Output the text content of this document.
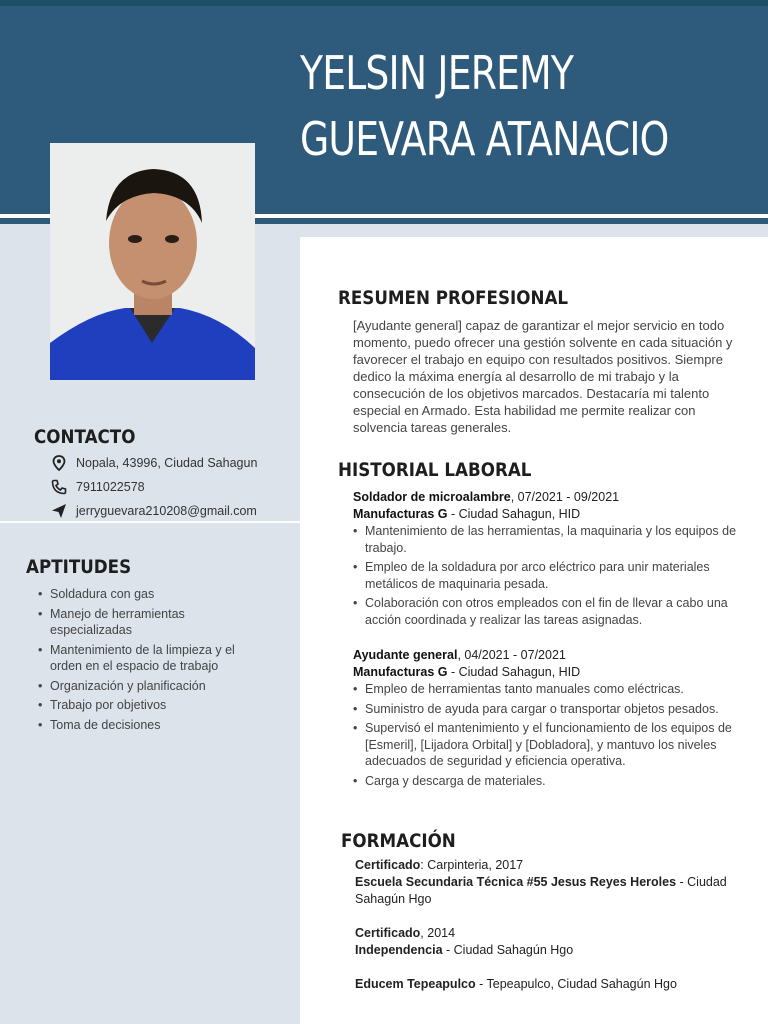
YELSIN JEREMY
GUEVARA ATANACIO
RESUMEN PROFESIONAL
[Ayudante general] capaz de garantizar el mejor servicio en todo momento, puedo ofrecer una gestión solvente en cada situación y favorecer el trabajo en equipo con resultados positivos. Siempre dedico la máxima energía al desarrollo de mi trabajo y la consecución de los objetivos marcados. Destacaría mi talento especial en Armado. Esta habilidad me permite realizar con solvencia tareas generales.
HISTORIAL LABORAL
Soldador de microalambre, 07/2021 - 09/2021
Manufacturas G - Ciudad Sahagun, HID
• Mantenimiento de las herramientas, la maquinaria y los equipos de trabajo.
• Empleo de la soldadura por arco eléctrico para unir materiales metálicos de maquinaria pesada.
• Colaboración con otros empleados con el fin de llevar a cabo una acción coordinada y realizar las tareas asignadas.
Ayudante general, 04/2021 - 07/2021
Manufacturas G - Ciudad Sahagun, HID
• Empleo de herramientas tanto manuales como eléctricas.
• Suministro de ayuda para cargar o transportar objetos pesados.
• Supervisó el mantenimiento y el funcionamiento de los equipos de [Esmeril], [Lijadora Orbital] y [Dobladora], y mantuvo los niveles adecuados de seguridad y eficiencia operativa.
• Carga y descarga de materiales.
FORMACIÓN
Certificado: Carpinteria, 2017
Escuela Secundaria Técnica #55 Jesus Reyes Heroles - Ciudad Sahagún Hgo
Certificado, 2014
Independencia - Ciudad Sahagún Hgo
Educem Tepeapulco - Tepeapulco, Ciudad Sahagún Hgo
CONTACTO
Nopala, 43996, Ciudad Sahagun
7911022578
jerryguevara210208@gmail.com
APTITUDES
• Soldadura con gas
• Manejo de herramientas especializadas
• Mantenimiento de la limpieza y el orden en el espacio de trabajo
• Organización y planificación
• Trabajo por objetivos
• Toma de decisiones
